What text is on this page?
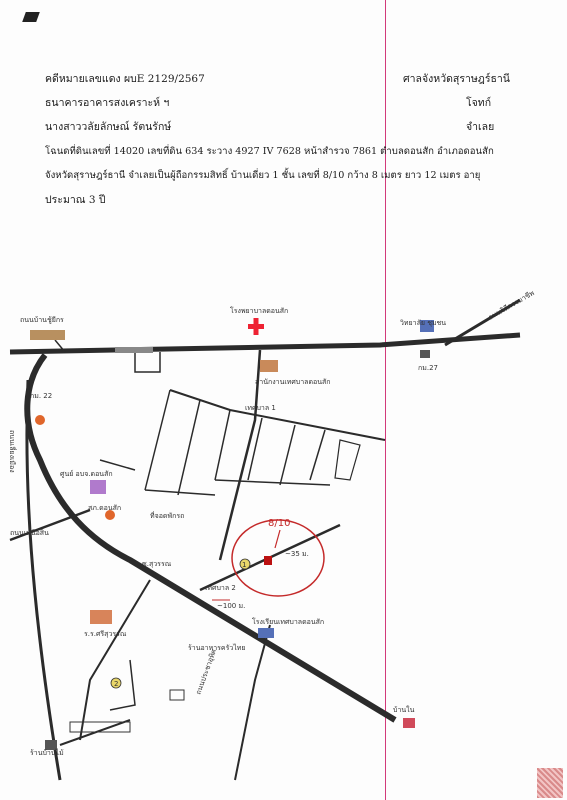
คดีหมายเลขแดง ผบE 2129/2567	ศาลจังหวัดสุราษฎร์ธานี
ธนาคารอาคารสงเคราะห์ ฯ	โจทก์
นางสาววลัยลักษณ์ รัตนรักษ์	จำเลย
โฉนดที่ดินเลขที่ 14020 เลขที่ดิน 634 ระวาง 4927 IV 7628 หน้าสำรวจ 7861 ตำบลดอนสัก อำเภอดอนสัก
จังหวัดสุราษฎร์ธานี จำเลยเป็นผู้ถือกรรมสิทธิ์ บ้านเดี่ยว 1 ชั้น เลขที่ 8/10 กว้าง 8 เมตร ยาว 12 เมตร อายุ
ประมาณ 3 ปี
ถนนบ้านชู้ยีกร
โรงพยาบาลดอนสัก
วิทยาลัย ชุมชน
สำนักงานเทศบาลดอนสัก
กม.27
กม. 22
เทศบาล 1
ศูนย์ อบจ.ดอนสัก
สภ.ดอนสัก
ที่จอดพักรถ
ถนนเหนือสิ้น
~35 ม.
~100 ม.
ซ.สุวรรณ
เทศบาล 2
8/10
ร.ร.ศรีสุวรรณ
ร้านอาหารครัวไทย
โรงเรียนเทศบาลดอนสัก
ถนนประชาอุทิศ
บ้านใน
ร้านบ้านไม้
1
2
ถนนเลี่ยงเมือง
ถนนวิถีกรรมาชีพ
